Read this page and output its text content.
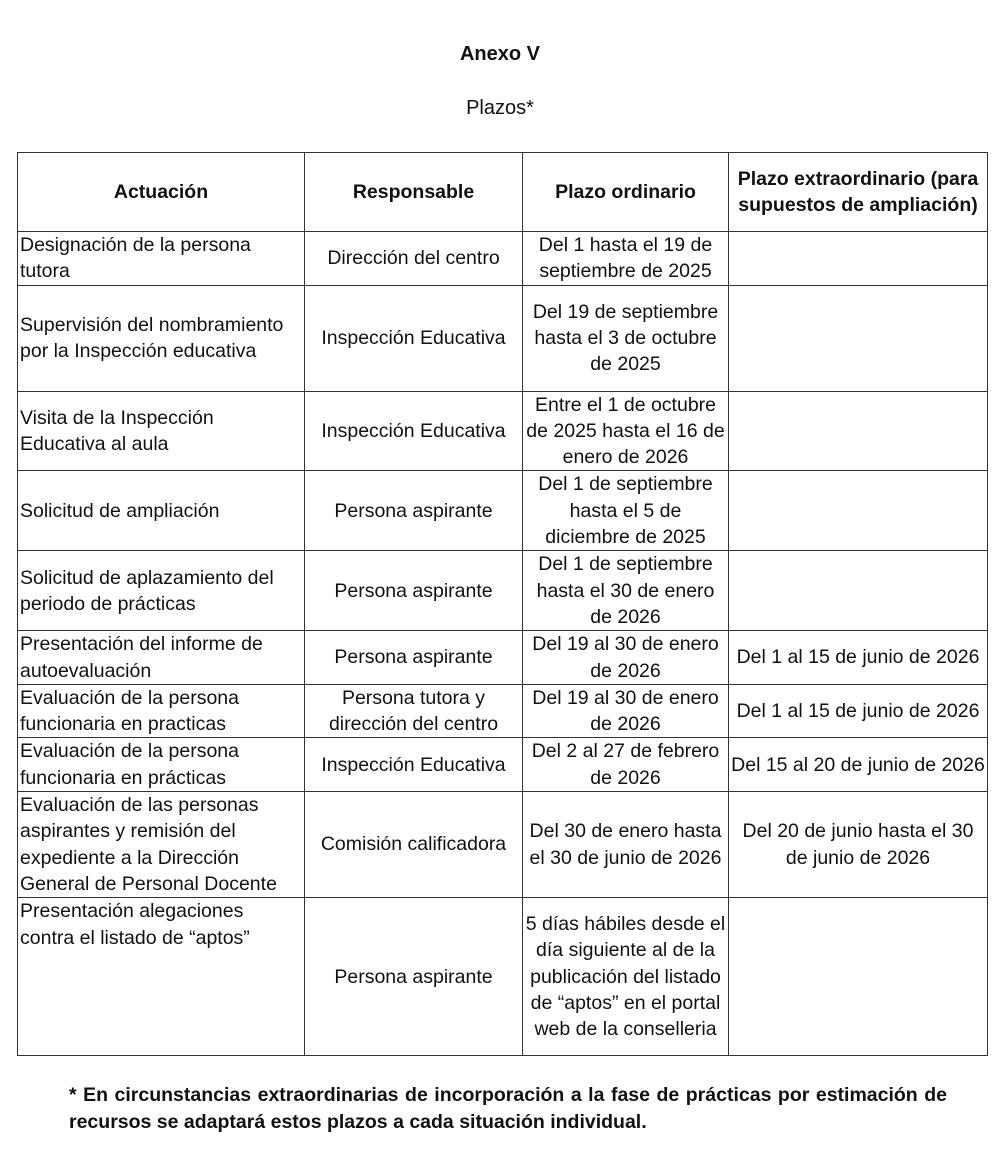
Anexo V
Plazos*
Actuación	Responsable	Plazo ordinario	Plazo extraordinario (para supuestos de ampliación)
Designación de la persona tutora	Dirección del centro	Del 1 hasta el 19 de septiembre de 2025	
Supervisión del nombramiento por la Inspección educativa	Inspección Educativa	Del 19 de septiembre hasta el 3 de octubre de 2025	
Visita de la Inspección Educativa al aula	Inspección Educativa	Entre el 1 de octubre de 2025 hasta el 16 de enero de 2026	
Solicitud de ampliación	Persona aspirante	Del 1 de septiembre hasta el 5 de diciembre de 2025	
Solicitud de aplazamiento del periodo de prácticas	Persona aspirante	Del 1 de septiembre hasta el 30 de enero de 2026	
Presentación del informe de autoevaluación	Persona aspirante	Del 19 al 30 de enero de 2026	Del 1 al 15 de junio de 2026
Evaluación de la persona funcionaria en practicas	Persona tutora y dirección del centro	Del 19 al 30 de enero de 2026	Del 1 al 15 de junio de 2026
Evaluación de la persona funcionaria en prácticas	Inspección Educativa	Del 2 al 27 de febrero de 2026	Del 15 al 20 de junio de 2026
Evaluación de las personas aspirantes y remisión del expediente a la Dirección General de Personal Docente	Comisión calificadora	Del 30 de enero hasta el 30 de junio de 2026	Del 20 de junio hasta el 30 de junio de 2026
Presentación alegaciones contra el listado de “aptos”	Persona aspirante	5 días hábiles desde el día siguiente al de la publicación del listado de “aptos” en el portal web de la conselleria	
* En circunstancias extraordinarias de incorporación a la fase de prácticas por estimación de recursos se adaptará estos plazos a cada situación individual.
